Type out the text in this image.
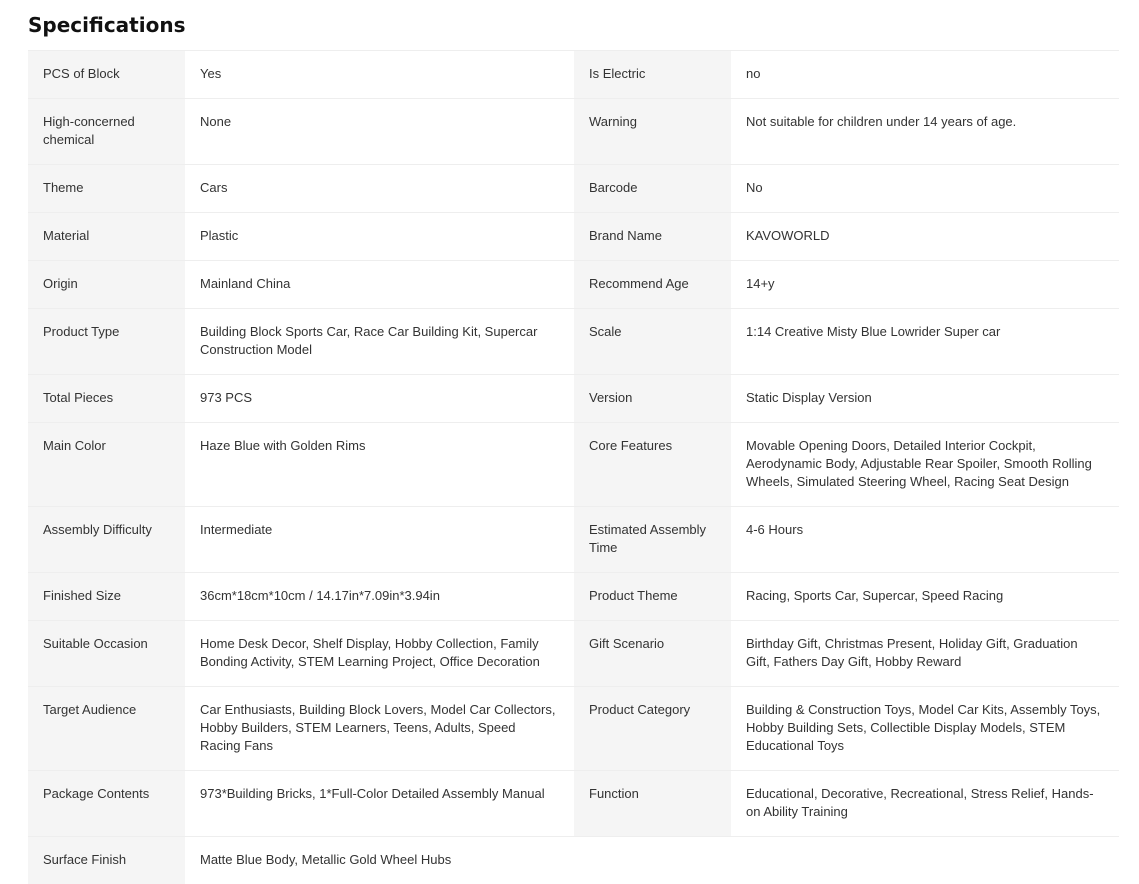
Specifications
PCS of Block	Yes	Is Electric	no
High-concerned chemical	None	Warning	Not suitable for children under 14 years of age.
Theme	Cars	Barcode	No
Material	Plastic	Brand Name	KAVOWORLD
Origin	Mainland China	Recommend Age	14+y
Product Type	Building Block Sports Car, Race Car Building Kit, Supercar Construction Model	Scale	1:14 Creative Misty Blue Lowrider Super car
Total Pieces	973 PCS	Version	Static Display Version
Main Color	Haze Blue with Golden Rims	Core Features	Movable Opening Doors, Detailed Interior Cockpit, Aerodynamic Body, Adjustable Rear Spoiler, Smooth Rolling Wheels, Simulated Steering Wheel, Racing Seat Design
Assembly Difficulty	Intermediate	Estimated Assembly Time	4-6 Hours
Finished Size	36cm*18cm*10cm / 14.17in*7.09in*3.94in	Product Theme	Racing, Sports Car, Supercar, Speed Racing
Suitable Occasion	Home Desk Decor, Shelf Display, Hobby Collection, Family Bonding Activity, STEM Learning Project, Office Decoration	Gift Scenario	Birthday Gift, Christmas Present, Holiday Gift, Graduation Gift, Fathers Day Gift, Hobby Reward
Target Audience	Car Enthusiasts, Building Block Lovers, Model Car Collectors, Hobby Builders, STEM Learners, Teens, Adults, Speed Racing Fans	Product Category	Building & Construction Toys, Model Car Kits, Assembly Toys, Hobby Building Sets, Collectible Display Models, STEM Educational Toys
Package Contents	973*Building Bricks, 1*Full-Color Detailed Assembly Manual	Function	Educational, Decorative, Recreational, Stress Relief, Hands-on Ability Training
Surface Finish	Matte Blue Body, Metallic Gold Wheel Hubs		
